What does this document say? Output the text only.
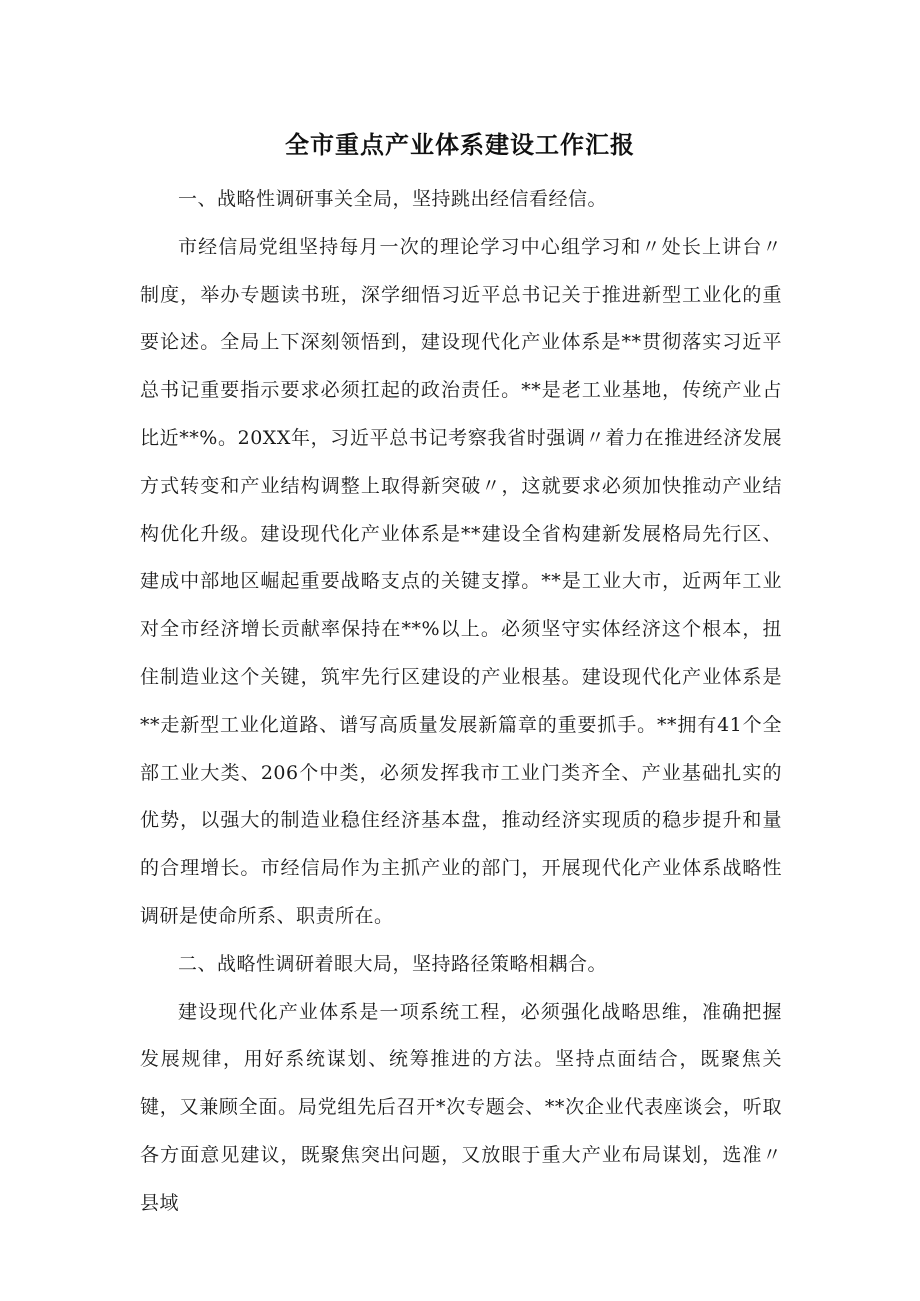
全市重点产业体系建设工作汇报

一、战略性调研事关全局，坚持跳出经信看经信。

市经信局党组坚持每月一次的理论学习中心组学习和〃处长上讲台〃制度，举办专题读书班，深学细悟习近平总书记关于推进新型工业化的重要论述。全局上下深刻领悟到，建设现代化产业体系是**贯彻落实习近平总书记重要指示要求必须扛起的政治责任。**是老工业基地，传统产业占比近**%。20XX年，习近平总书记考察我省时强调〃着力在推进经济发展方式转变和产业结构调整上取得新突破〃，这就要求必须加快推动产业结构优化升级。建设现代化产业体系是**建设全省构建新发展格局先行区、建成中部地区崛起重要战略支点的关键支撑。**是工业大市，近两年工业对全市经济增长贡献率保持在**%以上。必须坚守实体经济这个根本，扭住制造业这个关键，筑牢先行区建设的产业根基。建设现代化产业体系是**走新型工业化道路、谱写高质量发展新篇章的重要抓手。**拥有41个全部工业大类、206个中类，必须发挥我市工业门类齐全、产业基础扎实的优势，以强大的制造业稳住经济基本盘，推动经济实现质的稳步提升和量的合理增长。市经信局作为主抓产业的部门，开展现代化产业体系战略性调研是使命所系、职责所在。

二、战略性调研着眼大局，坚持路径策略相耦合。

建设现代化产业体系是一项系统工程，必须强化战略思维，准确把握发展规律，用好系统谋划、统筹推进的方法。坚持点面结合，既聚焦关键，又兼顾全面。局党组先后召开*次专题会、**次企业代表座谈会，听取各方面意见建议，既聚焦突出问题，又放眼于重大产业布局谋划，选准〃县域
